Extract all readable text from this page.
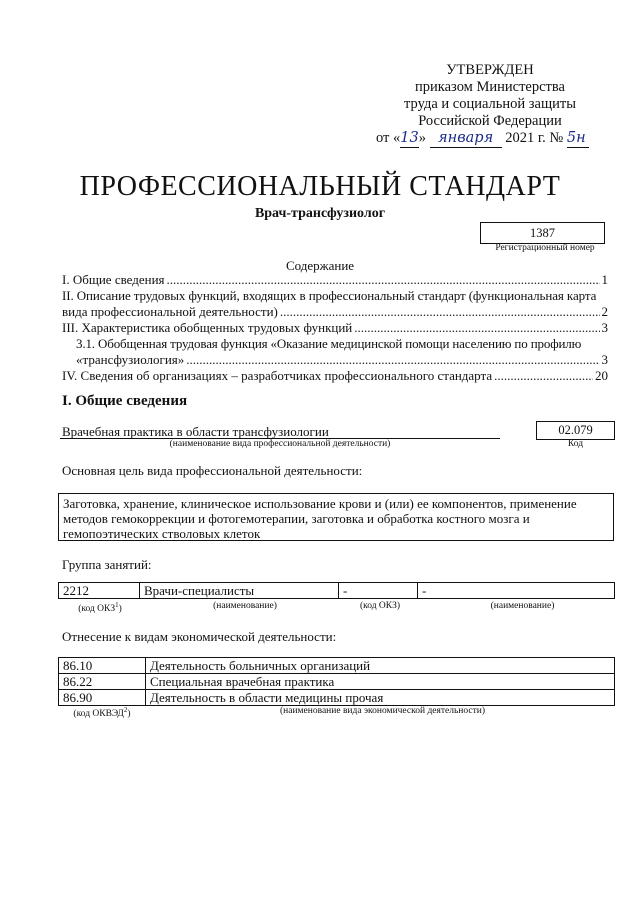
УТВЕРЖДЕН
приказом Министерства
труда и социальной защиты
Российской Федерации
от «13» января 2021 г. № 5н
ПРОФЕССИОНАЛЬНЫЙ СТАНДАРТ
Врач-трансфузиолог
1387
Регистрационный номер
Содержание
I. Общие сведения .....	1
II. Описание трудовых функций, входящих в профессиональный стандарт (функциональная карта
вида профессиональной деятельности) .....	2
III. Характеристика обобщенных трудовых функций .....	3
3.1. Обобщенная трудовая функция «Оказание медицинской помощи населению по профилю
«трансфузиология» .....	3
IV. Сведения об организациях – разработчиках профессионального стандарта .....	20
I. Общие сведения
Врачебная практика в области трансфузиологии
(наименование вида профессиональной деятельности)
02.079
Код
Основная цель вида профессиональной деятельности:
Заготовка, хранение, клиническое использование крови и (или) ее компонентов, применение методов гемокоррекции и фотогемотерапии, заготовка и обработка костного мозга и гемопоэтических стволовых клеток
Группа занятий:
2212	Врачи-специалисты	-	-
(код ОКЗ$^1$)	(наименование)	(код ОКЗ)	(наименование)
Отнесение к видам экономической деятельности:
86.10	Деятельность больничных организаций
86.22	Специальная врачебная практика
86.90	Деятельность в области медицины прочая
(код ОКВЭД$^2$)	(наименование вида экономической деятельности)
